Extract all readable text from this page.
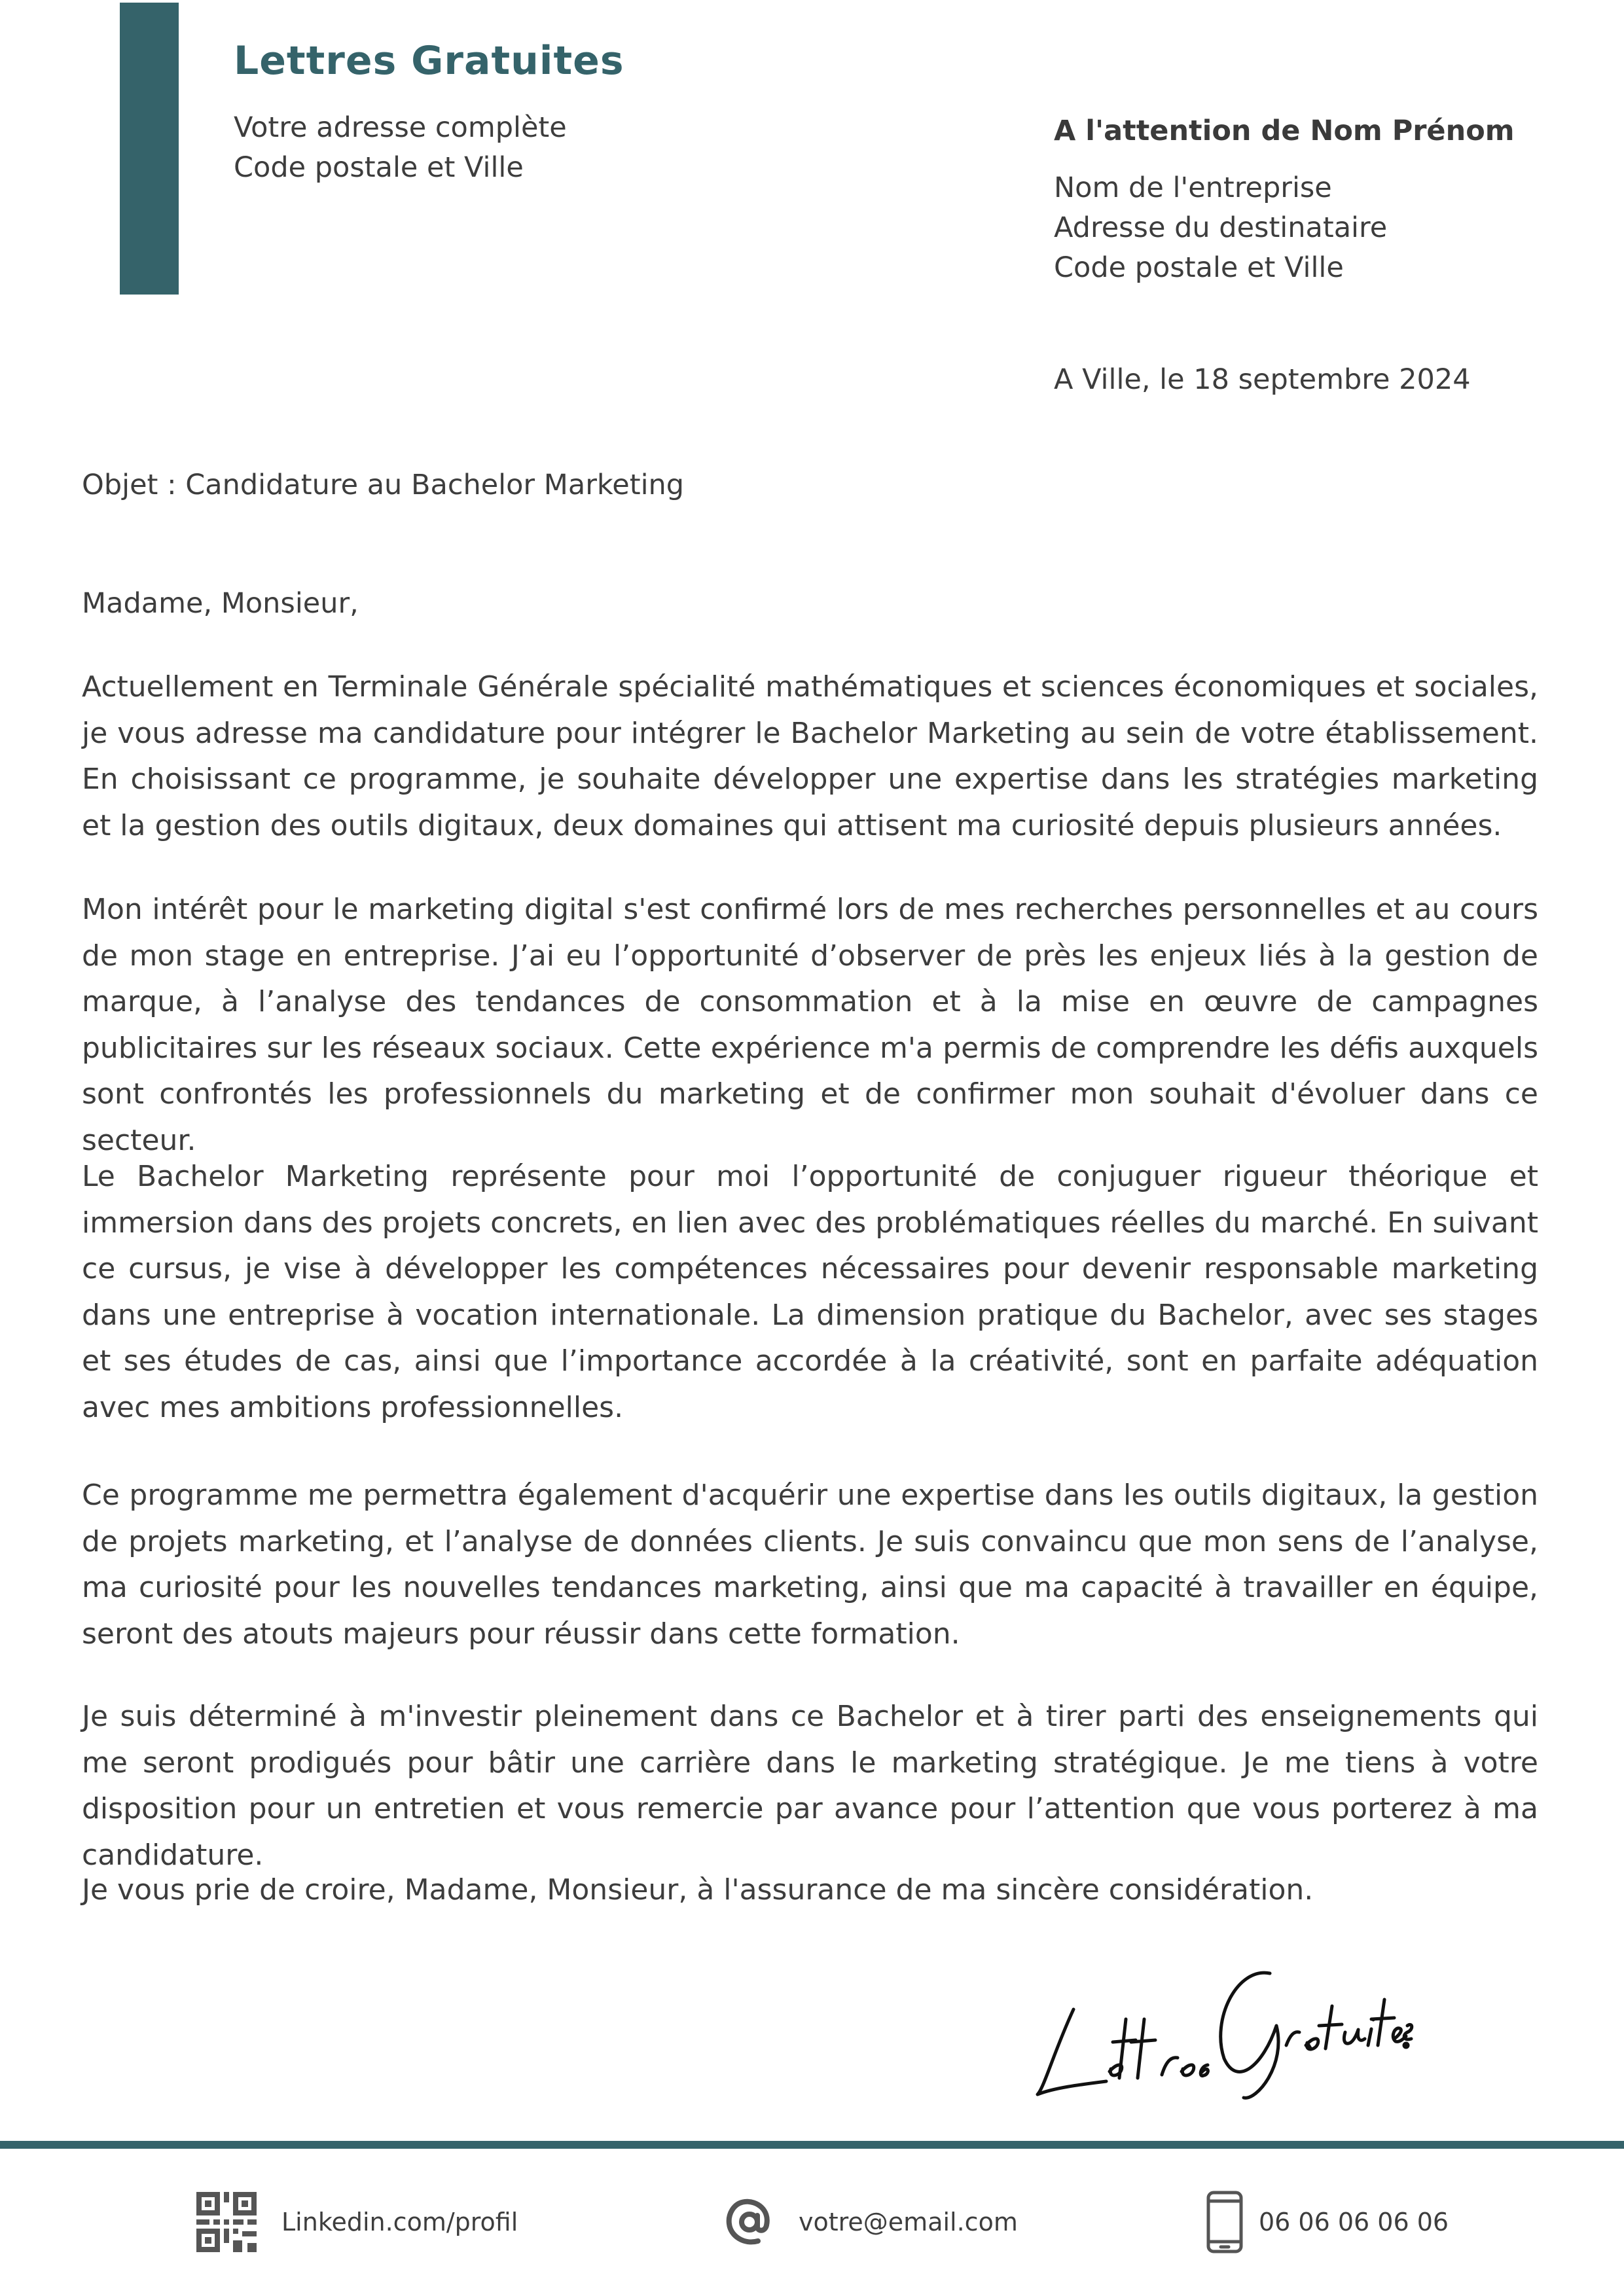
Lettres Gratuites
Votre adresse complète
Code postale et Ville
A l'attention de Nom Prénom
Nom de l'entreprise
Adresse du destinataire
Code postale et Ville
A Ville, le 18 septembre 2024
Objet : Candidature au Bachelor Marketing
Madame, Monsieur,
Actuellement en Terminale Générale spécialité mathématiques et sciences économiques et sociales, je vous adresse ma candidature pour intégrer le Bachelor Marketing au sein de votre établissement. En choisissant ce programme, je souhaite développer une expertise dans les stratégies marketing et la gestion des outils digitaux, deux domaines qui attisent ma curiosité depuis plusieurs années.
Mon intérêt pour le marketing digital s'est confirmé lors de mes recherches personnelles et au cours de mon stage en entreprise. J’ai eu l’opportunité d’observer de près les enjeux liés à la gestion de marque, à l’analyse des tendances de consommation et à la mise en œuvre de campagnes publicitaires sur les réseaux sociaux. Cette expérience m'a permis de comprendre les défis auxquels sont confrontés les professionnels du marketing et de confirmer mon souhait d'évoluer dans ce secteur.
Le Bachelor Marketing représente pour moi l’opportunité de conjuguer rigueur théorique et immersion dans des projets concrets, en lien avec des problématiques réelles du marché. En suivant ce cursus, je vise à développer les compétences nécessaires pour devenir responsable marketing dans une entreprise à vocation internationale. La dimension pratique du Bachelor, avec ses stages et ses études de cas, ainsi que l’importance accordée à la créativité, sont en parfaite adéquation avec mes ambitions professionnelles.
Ce programme me permettra également d'acquérir une expertise dans les outils digitaux, la gestion de projets marketing, et l’analyse de données clients. Je suis convaincu que mon sens de l’analyse, ma curiosité pour les nouvelles tendances marketing, ainsi que ma capacité à travailler en équipe, seront des atouts majeurs pour réussir dans cette formation.
Je suis déterminé à m'investir pleinement dans ce Bachelor et à tirer parti des enseignements qui me seront prodigués pour bâtir une carrière dans le marketing stratégique. Je me tiens à votre disposition pour un entretien et vous remercie par avance pour l’attention que vous porterez à ma candidature.
Je vous prie de croire, Madame, Monsieur, à l'assurance de ma sincère considération.
Linkedin.com/profil	votre@email.com	06 06 06 06 06
